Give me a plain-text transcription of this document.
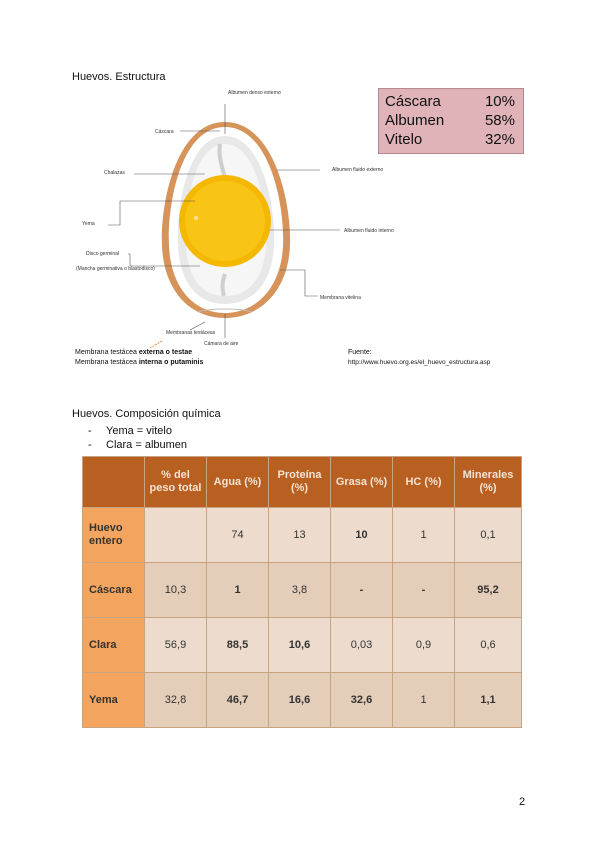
Huevos. Estructura
Albumen denso externo
Cáscara
Chalazas
Yema
Disco germinal
(Mancha germinativa o blastodisco)
Albumen fluido externo
Albumen fluido interno
Membrana vitelina
Membranas testáceas
Cámara de aire
Membrana testácea externa o testae
Membrana testácea interna o putaminis
Fuente:
http://www.huevo.org.es/el_huevo_estructura.asp
Cáscara	10%
Albumen	58%
Vitelo	32%
Huevos. Composición química
- Yema = vitelo
- Clara = albumen
	% del peso total	Agua (%)	Proteína (%)	Grasa (%)	HC (%)	Minerales (%)
Huevo entero		74	13	10	1	0,1
Cáscara	10,3	1	3,8	-	-	95,2
Clara	56,9	88,5	10,6	0,03	0,9	0,6
Yema	32,8	46,7	16,6	32,6	1	1,1
2
